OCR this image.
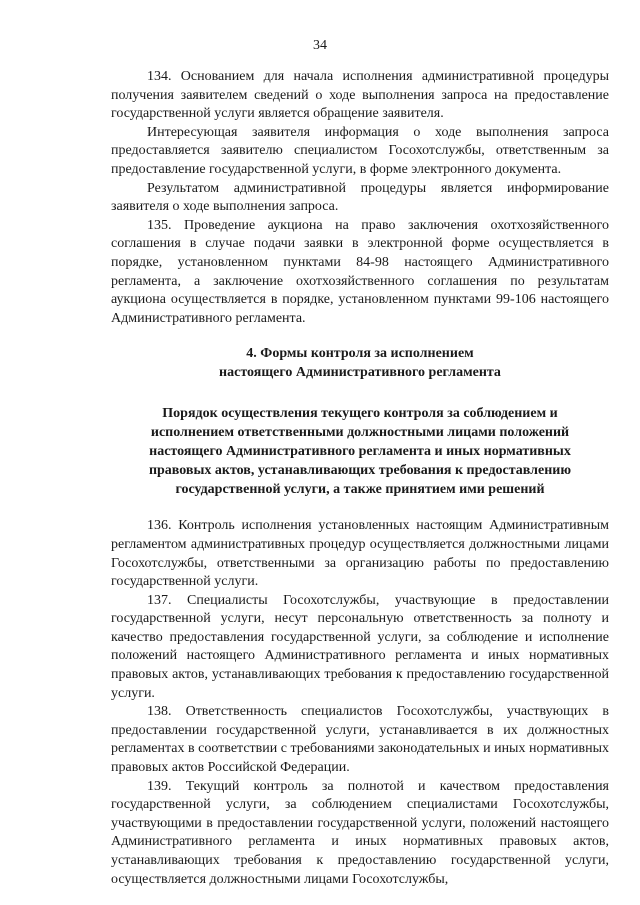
34

134. Основанием для начала исполнения административной процедуры получения заявителем сведений о ходе выполнения запроса на предоставление государственной услуги является обращение заявителя.

Интересующая заявителя информация о ходе выполнения запроса предоставляется заявителю специалистом Госохотслужбы, ответственным за предоставление государственной услуги, в форме электронного документа.

Результатом административной процедуры является информирование заявителя о ходе выполнения запроса.

135. Проведение аукциона на право заключения охотхозяйственного соглашения в случае подачи заявки в электронной форме осуществляется в порядке, установленном пунктами 84-98 настоящего Административного регламента, а заключение охотхозяйственного соглашения по результатам аукциона осуществляется в порядке, установленном пунктами 99-106 настоящего Административного регламента.

4. Формы контроля за исполнением
настоящего Административного регламента
Порядок осуществления текущего контроля за соблюдением и
исполнением ответственными должностными лицами положений
настоящего Административного регламента и иных нормативных
правовых актов, устанавливающих требования к предоставлению
государственной услуги, а также принятием ими решений

136. Контроль исполнения установленных настоящим Административным регламентом административных процедур осуществляется должностными лицами Госохотслужбы, ответственными за организацию работы по предоставлению государственной услуги.

137. Специалисты Госохотслужбы, участвующие в предоставлении государственной услуги, несут персональную ответственность за полноту и качество предоставления государственной услуги, за соблюдение и исполнение положений настоящего Административного регламента и иных нормативных правовых актов, устанавливающих требования к предоставлению государственной услуги.

138. Ответственность специалистов Госохотслужбы, участвующих в предоставлении государственной услуги, устанавливается в их должностных регламентах в соответствии с требованиями законодательных и иных нормативных правовых актов Российской Федерации.

139. Текущий контроль за полнотой и качеством предоставления государственной услуги, за соблюдением специалистами Госохотслужбы, участвующими в предоставлении государственной услуги, положений настоящего Административного регламента и иных нормативных правовых актов, устанавливающих требования к предоставлению государственной услуги, осуществляется должностными лицами Госохотслужбы,
